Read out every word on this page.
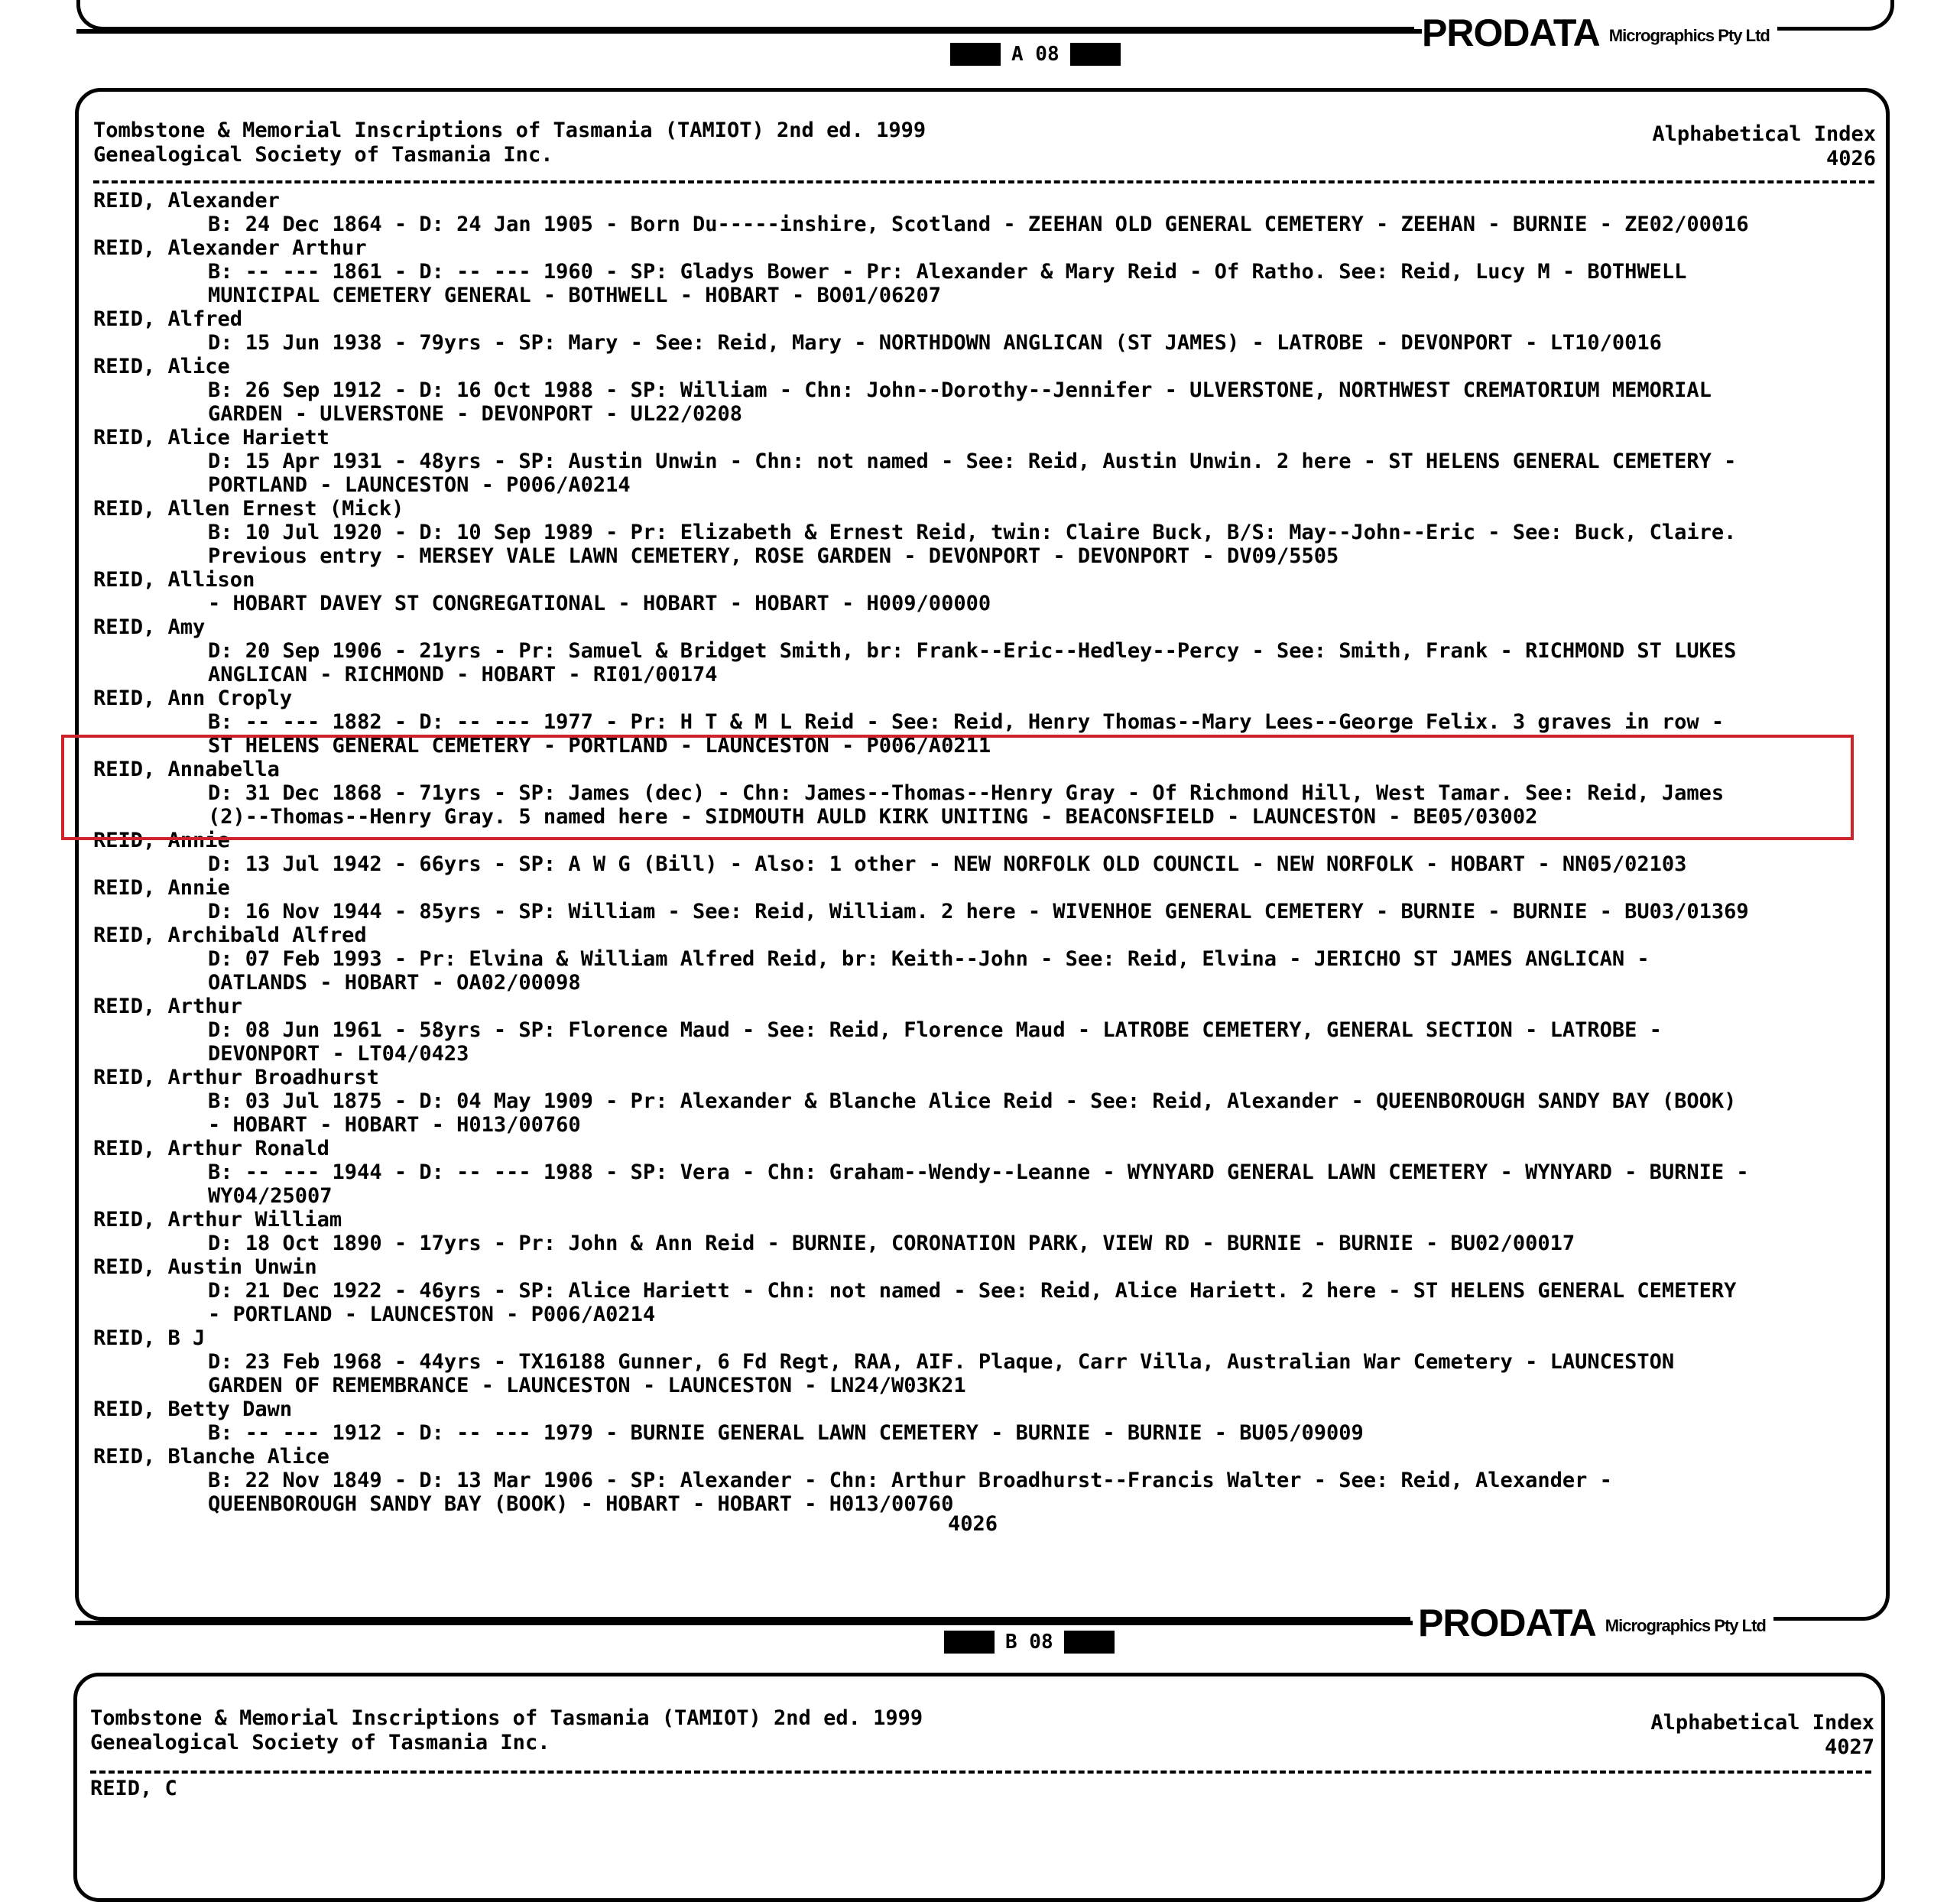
PRODATA Micrographics Pty Ltd
A 08
Tombstone & Memorial Inscriptions of Tasmania (TAMIOT) 2nd ed. 1999
Genealogical Society of Tasmania Inc.
Alphabetical Index
4026
REID, Alexander
B: 24 Dec 1864 - D: 24 Jan 1905 - Born Du-----inshire, Scotland - ZEEHAN OLD GENERAL CEMETERY - ZEEHAN - BURNIE - ZE02/00016
REID, Alexander Arthur
B: -- --- 1861 - D: -- --- 1960 - SP: Gladys Bower - Pr: Alexander & Mary Reid - Of Ratho. See: Reid, Lucy M - BOTHWELL
MUNICIPAL CEMETERY GENERAL - BOTHWELL - HOBART - BO01/06207
REID, Alfred
D: 15 Jun 1938 - 79yrs - SP: Mary - See: Reid, Mary - NORTHDOWN ANGLICAN (ST JAMES) - LATROBE - DEVONPORT - LT10/0016
REID, Alice
B: 26 Sep 1912 - D: 16 Oct 1988 - SP: William - Chn: John--Dorothy--Jennifer - ULVERSTONE, NORTHWEST CREMATORIUM MEMORIAL
GARDEN - ULVERSTONE - DEVONPORT - UL22/0208
REID, Alice Hariett
D: 15 Apr 1931 - 48yrs - SP: Austin Unwin - Chn: not named - See: Reid, Austin Unwin. 2 here - ST HELENS GENERAL CEMETERY -
PORTLAND - LAUNCESTON - P006/A0214
REID, Allen Ernest (Mick)
B: 10 Jul 1920 - D: 10 Sep 1989 - Pr: Elizabeth & Ernest Reid, twin: Claire Buck, B/S: May--John--Eric - See: Buck, Claire.
Previous entry - MERSEY VALE LAWN CEMETERY, ROSE GARDEN - DEVONPORT - DEVONPORT - DV09/5505
REID, Allison
- HOBART DAVEY ST CONGREGATIONAL - HOBART - HOBART - H009/00000
REID, Amy
D: 20 Sep 1906 - 21yrs - Pr: Samuel & Bridget Smith, br: Frank--Eric--Hedley--Percy - See: Smith, Frank - RICHMOND ST LUKES
ANGLICAN - RICHMOND - HOBART - RI01/00174
REID, Ann Croply
B: -- --- 1882 - D: -- --- 1977 - Pr: H T & M L Reid - See: Reid, Henry Thomas--Mary Lees--George Felix. 3 graves in row -
ST HELENS GENERAL CEMETERY - PORTLAND - LAUNCESTON - P006/A0211
REID, Annabella
D: 31 Dec 1868 - 71yrs - SP: James (dec) - Chn: James--Thomas--Henry Gray - Of Richmond Hill, West Tamar. See: Reid, James
(2)--Thomas--Henry Gray. 5 named here - SIDMOUTH AULD KIRK UNITING - BEACONSFIELD - LAUNCESTON - BE05/03002
REID, Annie
D: 13 Jul 1942 - 66yrs - SP: A W G (Bill) - Also: 1 other - NEW NORFOLK OLD COUNCIL - NEW NORFOLK - HOBART - NN05/02103
REID, Annie
D: 16 Nov 1944 - 85yrs - SP: William - See: Reid, William. 2 here - WIVENHOE GENERAL CEMETERY - BURNIE - BURNIE - BU03/01369
REID, Archibald Alfred
D: 07 Feb 1993 - Pr: Elvina & William Alfred Reid, br: Keith--John - See: Reid, Elvina - JERICHO ST JAMES ANGLICAN -
OATLANDS - HOBART - OA02/00098
REID, Arthur
D: 08 Jun 1961 - 58yrs - SP: Florence Maud - See: Reid, Florence Maud - LATROBE CEMETERY, GENERAL SECTION - LATROBE -
DEVONPORT - LT04/0423
REID, Arthur Broadhurst
B: 03 Jul 1875 - D: 04 May 1909 - Pr: Alexander & Blanche Alice Reid - See: Reid, Alexander - QUEENBOROUGH SANDY BAY (BOOK)
- HOBART - HOBART - H013/00760
REID, Arthur Ronald
B: -- --- 1944 - D: -- --- 1988 - SP: Vera - Chn: Graham--Wendy--Leanne - WYNYARD GENERAL LAWN CEMETERY - WYNYARD - BURNIE -
WY04/25007
REID, Arthur William
D: 18 Oct 1890 - 17yrs - Pr: John & Ann Reid - BURNIE, CORONATION PARK, VIEW RD - BURNIE - BURNIE - BU02/00017
REID, Austin Unwin
D: 21 Dec 1922 - 46yrs - SP: Alice Hariett - Chn: not named - See: Reid, Alice Hariett. 2 here - ST HELENS GENERAL CEMETERY
- PORTLAND - LAUNCESTON - P006/A0214
REID, B J
D: 23 Feb 1968 - 44yrs - TX16188 Gunner, 6 Fd Regt, RAA, AIF. Plaque, Carr Villa, Australian War Cemetery - LAUNCESTON
GARDEN OF REMEMBRANCE - LAUNCESTON - LAUNCESTON - LN24/W03K21
REID, Betty Dawn
B: -- --- 1912 - D: -- --- 1979 - BURNIE GENERAL LAWN CEMETERY - BURNIE - BURNIE - BU05/09009
REID, Blanche Alice
B: 22 Nov 1849 - D: 13 Mar 1906 - SP: Alexander - Chn: Arthur Broadhurst--Francis Walter - See: Reid, Alexander -
QUEENBOROUGH SANDY BAY (BOOK) - HOBART - HOBART - H013/00760
4026
PRODATA Micrographics Pty Ltd
B 08
Tombstone & Memorial Inscriptions of Tasmania (TAMIOT) 2nd ed. 1999
Genealogical Society of Tasmania Inc.
Alphabetical Index
4027
REID, C
